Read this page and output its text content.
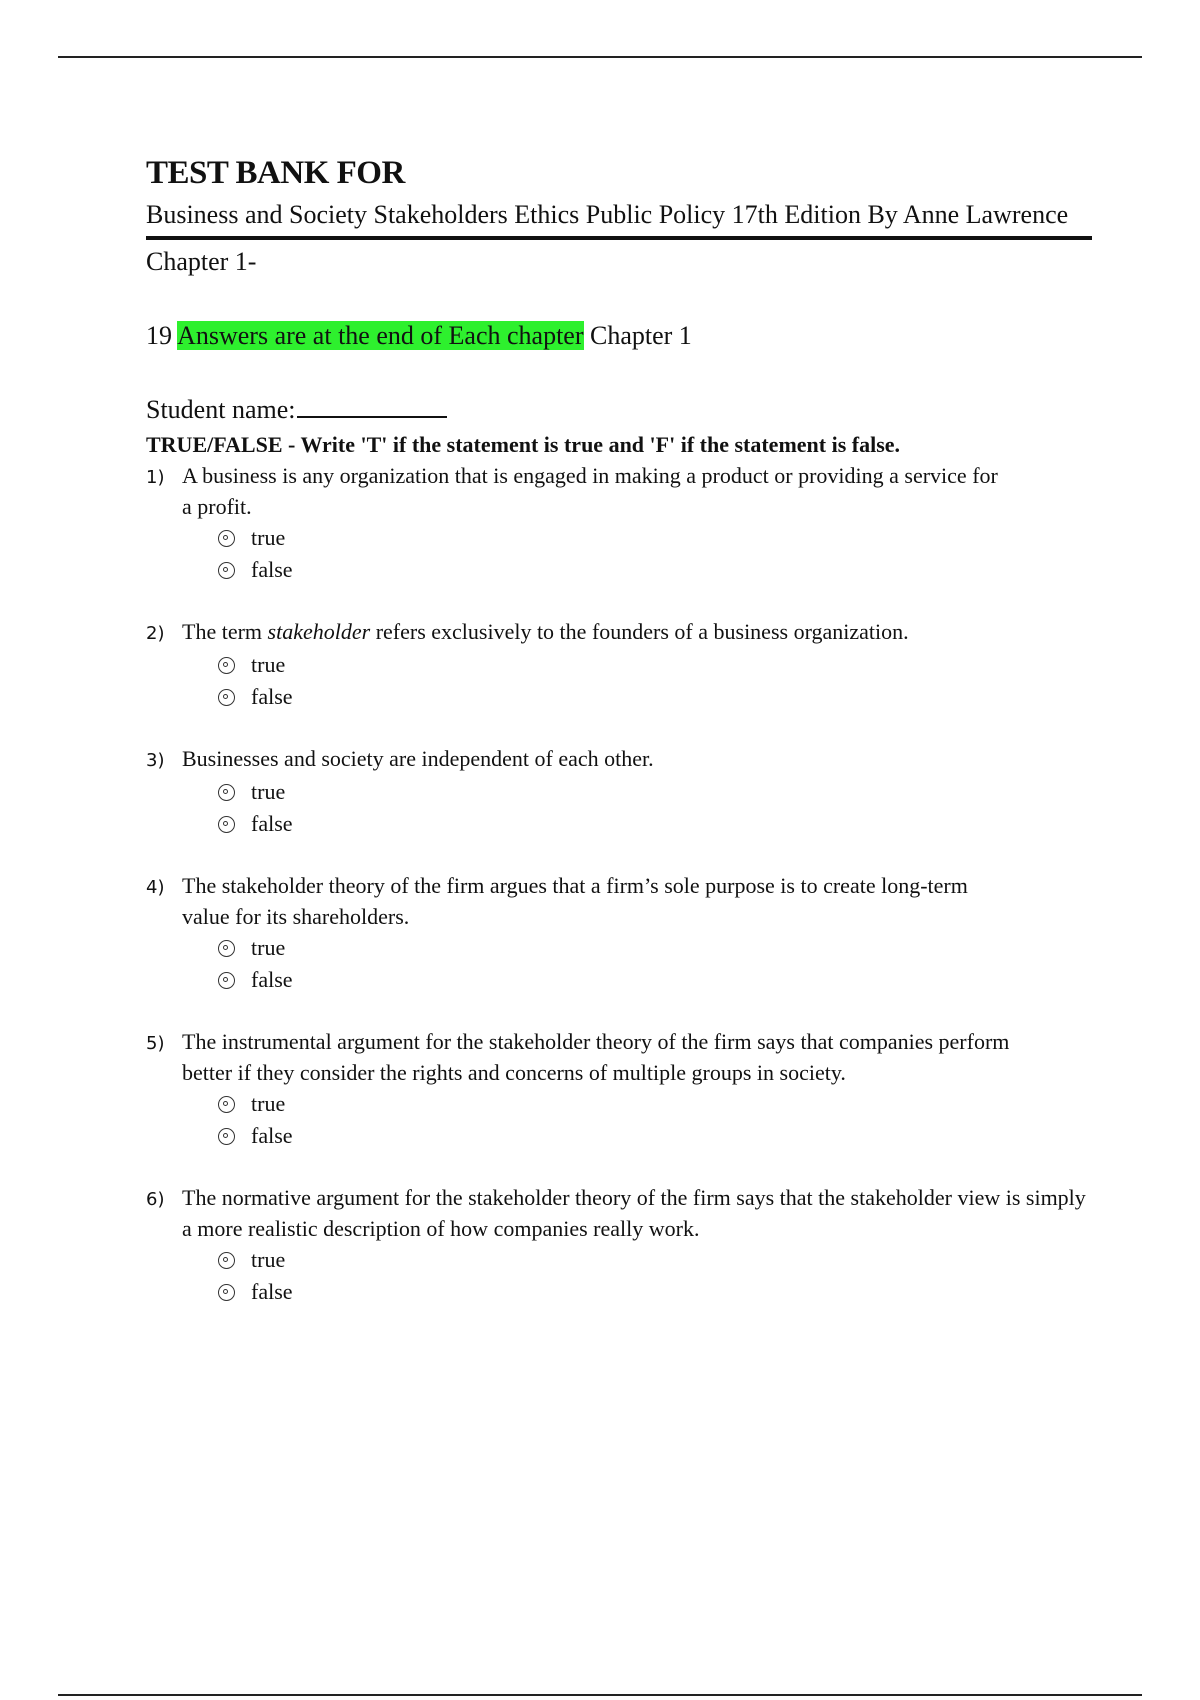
TEST BANK FOR

Business and Society Stakeholders Ethics Public Policy 17th Edition By Anne Lawrence

Chapter 1-
19 Answers are at the end of Each chapter Chapter 1
Student name:
TRUE/FALSE - Write 'T' if the statement is true and 'F' if the statement is false.
1) A business is any organization that is engaged in making a product or providing a service for a profit.
true
false
2) The term stakeholder refers exclusively to the founders of a business organization.
true
false
3) Businesses and society are independent of each other.
true
false
4) The stakeholder theory of the firm argues that a firm’s sole purpose is to create long-term value for its shareholders.
true
false
5) The instrumental argument for the stakeholder theory of the firm says that companies perform better if they consider the rights and concerns of multiple groups in society.
true
false
6) The normative argument for the stakeholder theory of the firm says that the stakeholder view is simply a more realistic description of how companies really work.
true
false
